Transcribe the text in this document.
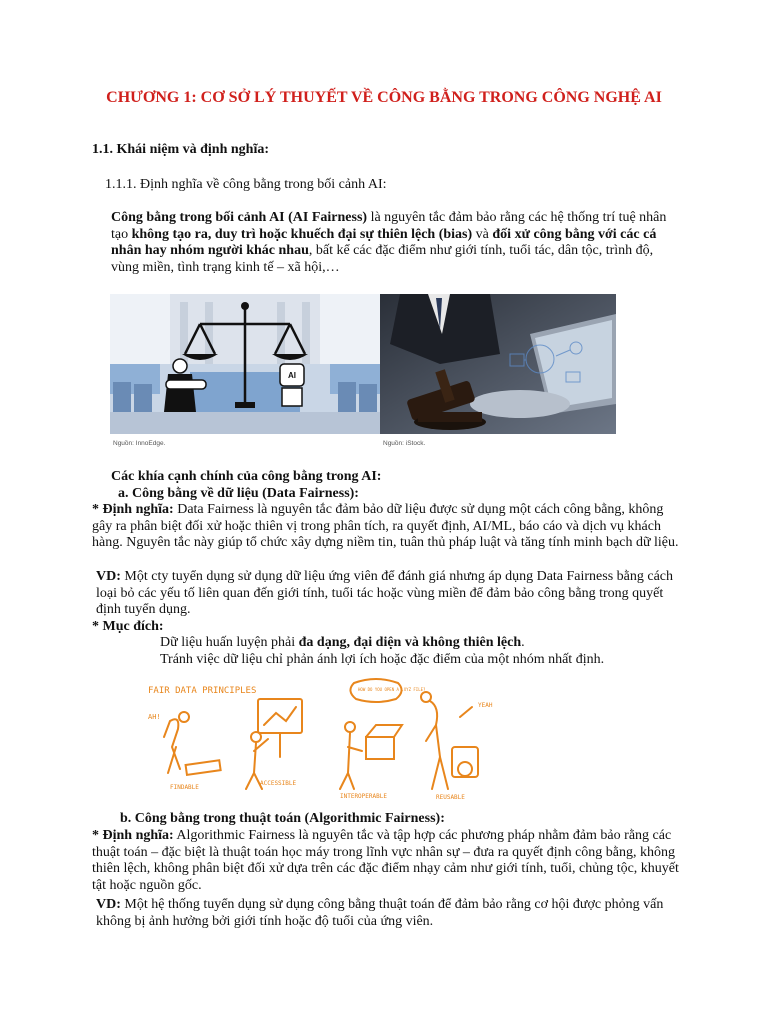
CHƯƠNG 1: CƠ SỞ LÝ THUYẾT VỀ CÔNG BẰNG TRONG CÔNG NGHỆ AI

1.1. Khái niệm và định nghĩa:

1.1.1. Định nghĩa về công bằng trong bối cảnh AI:

Công bằng trong bối cảnh AI (AI Fairness) là nguyên tắc đảm bảo rằng các hệ thống trí tuệ nhân tạo không tạo ra, duy trì hoặc khuếch đại sự thiên lệch (bias) và đối xử công bằng với các cá nhân hay nhóm người khác nhau, bất kể các đặc điểm như giới tính, tuổi tác, dân tộc, trình độ, vùng miền, tình trạng kinh tế – xã hội,…

AI
Nguồn: InnoEdge.	Nguồn: iStock.

Các khía cạnh chính của công bằng trong AI:

a. Công bằng về dữ liệu (Data Fairness):

* Định nghĩa: Data Fairness là nguyên tắc đảm bảo dữ liệu được sử dụng một cách công bằng, không gây ra phân biệt đối xử hoặc thiên vị trong phân tích, ra quyết định, AI/ML, báo cáo và dịch vụ khách hàng. Nguyên tắc này giúp tổ chức xây dựng niềm tin, tuân thủ pháp luật và tăng tính minh bạch dữ liệu.

VD: Một cty tuyển dụng sử dụng dữ liệu ứng viên để đánh giá nhưng áp dụng Data Fairness bằng cách loại bỏ các yếu tố liên quan đến giới tính, tuổi tác hoặc vùng miền để đảm bảo công bằng trong quyết định tuyển dụng.

* Mục đích:

Dữ liệu huấn luyện phải đa dạng, đại diện và không thiên lệch.

Tránh việc dữ liệu chỉ phản ánh lợi ích hoặc đặc điểm của một nhóm nhất định.

FAIR DATA PRINCIPLES
AH!
FINDABLE
ACCESSIBLE
INTEROPERABLE	REUSABLE
HOW DO YOU OPEN A .XYZ FILE?
YEAH

b. Công bằng trong thuật toán (Algorithmic Fairness):

* Định nghĩa: Algorithmic Fairness là nguyên tắc và tập hợp các phương pháp nhằm đảm bảo rằng các thuật toán – đặc biệt là thuật toán học máy trong lĩnh vực nhân sự – đưa ra quyết định công bằng, không thiên lệch, không phân biệt đối xử dựa trên các đặc điểm nhạy cảm như giới tính, tuổi, chủng tộc, khuyết tật hoặc nguồn gốc.

VD: Một hệ thống tuyển dụng sử dụng công bằng thuật toán để đảm bảo rằng cơ hội được phỏng vấn không bị ảnh hưởng bởi giới tính hoặc độ tuổi của ứng viên.
